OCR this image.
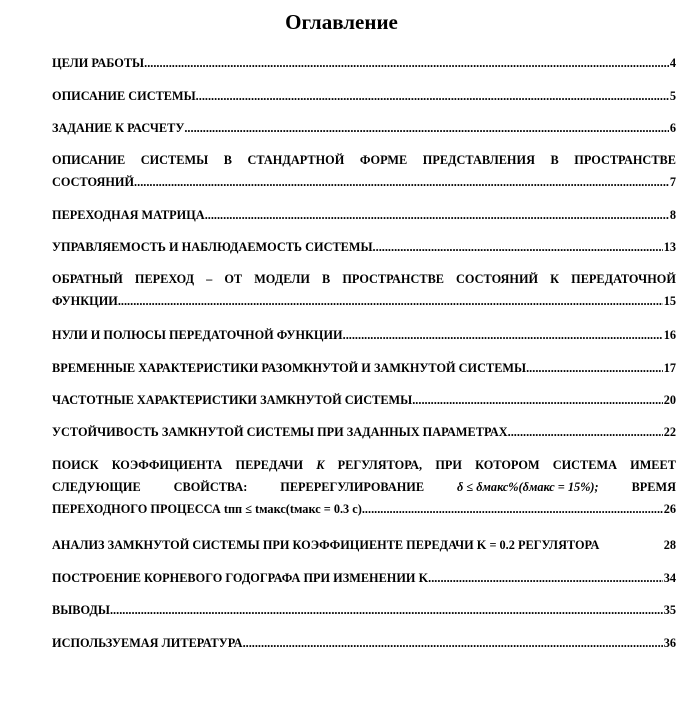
Оглавление
ЦЕЛИ РАБОТЫ .....	4
ОПИСАНИЕ СИСТЕМЫ .....	5
ЗАДАНИЕ К РАСЧЕТУ .....	6
ОПИСАНИЕ СИСТЕМЫ В СТАНДАРТНОЙ ФОРМЕ ПРЕДСТАВЛЕНИЯ В ПРОСТРАНСТВЕ
СОСТОЯНИЙ .....	7
ПЕРЕХОДНАЯ МАТРИЦА .....	8
УПРАВЛЯЕМОСТЬ И НАБЛЮДАЕМОСТЬ СИСТЕМЫ .....	13
ОБРАТНЫЙ ПЕРЕХОД – ОТ МОДЕЛИ В ПРОСТРАНСТВЕ СОСТОЯНИЙ К ПЕРЕДАТОЧНОЙ
ФУНКЦИИ .....	15
НУЛИ И ПОЛЮСЫ ПЕРЕДАТОЧНОЙ ФУНКЦИИ .....	16
ВРЕМЕННЫЕ ХАРАКТЕРИСТИКИ РАЗОМКНУТОЙ И ЗАМКНУТОЙ СИСТЕМЫ .....	17
ЧАСТОТНЫЕ ХАРАКТЕРИСТИКИ ЗАМКНУТОЙ СИСТЕМЫ .....	20
УСТОЙЧИВОСТЬ ЗАМКНУТОЙ СИСТЕМЫ ПРИ ЗАДАННЫХ ПАРАМЕТРАХ .....	22
ПОИСК КОЭФФИЦИЕНТА ПЕРЕДАЧИ K РЕГУЛЯТОРА, ПРИ КОТОРОМ СИСТЕМА ИМЕЕТ
СЛЕДУЮЩИЕ	СВОЙСТВА:	ПЕРЕРЕГУЛИРОВАНИЕ	δ ≤ δмакс%(δмакс = 15%);	ВРЕМЯ
ПЕРЕХОДНОГО ПРОЦЕССА tпп ≤ tмакс(tмакс = 0.3 с) .....	26
АНАЛИЗ ЗАМКНУТОЙ СИСТЕМЫ ПРИ КОЭФФИЦИЕНТЕ ПЕРЕДАЧИ K = 0.2 РЕГУЛЯТОРА	28
ПОСТРОЕНИЕ КОРНЕВОГО ГОДОГРАФА ПРИ ИЗМЕНЕНИИ K .....	34
ВЫВОДЫ .....	35
ИСПОЛЬЗУЕМАЯ ЛИТЕРАТУРА .....	36
